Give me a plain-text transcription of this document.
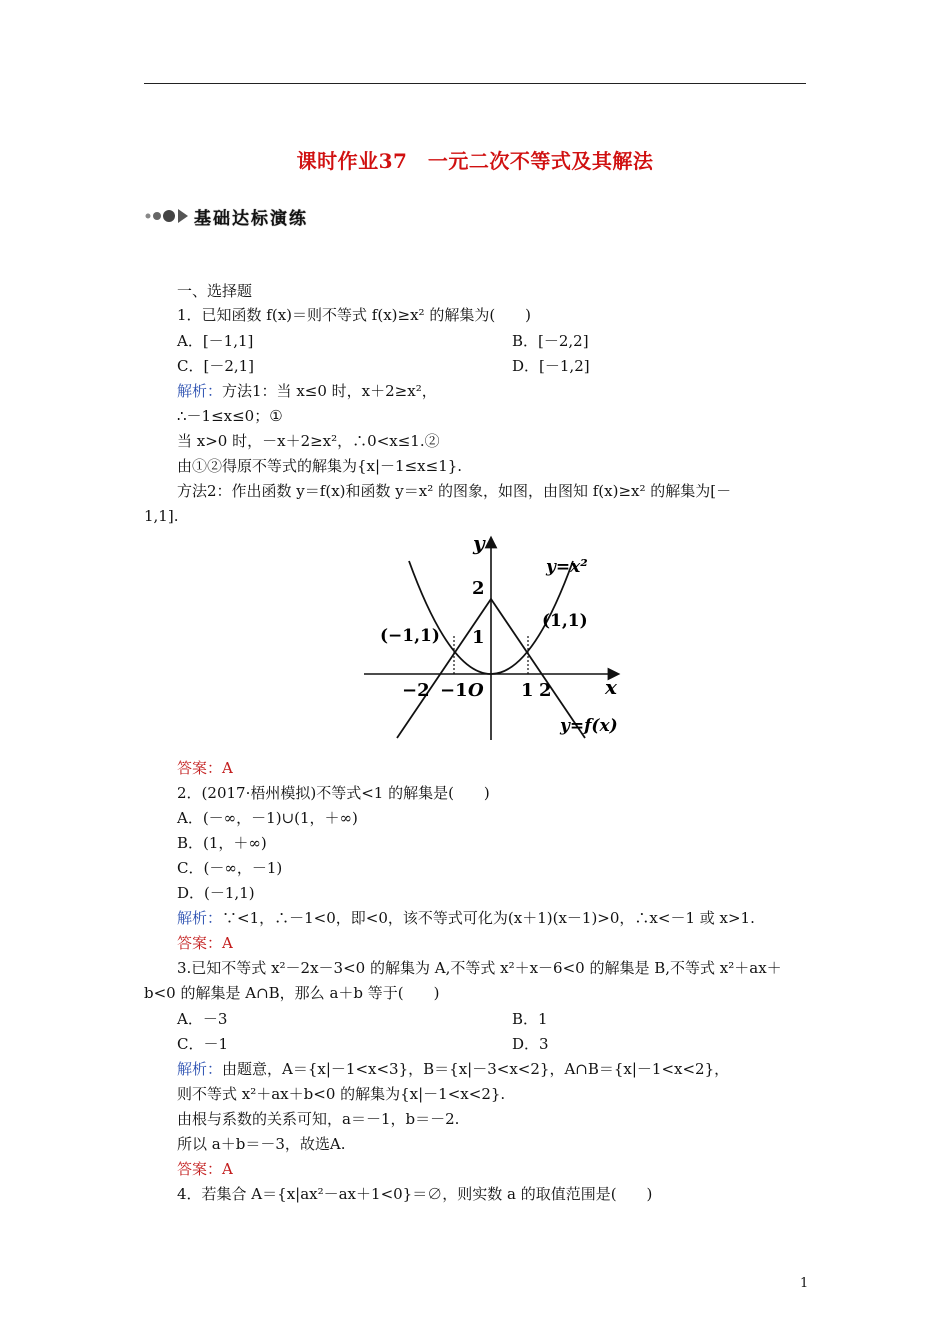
课时作业37　一元二次不等式及其解法
基础达标演练
一、选择题
1．已知函数 f(x)＝则不等式 f(x)≥x² 的解集为(　　)
A．[－1,1]	B．[－2,2]
C．[－2,1]	D．[－1,2]
解析：方法1：当 x≤0 时，x＋2≥x²，
∴－1≤x≤0；①
当 x>0 时，－x＋2≥x²，∴0<x≤1.②
由①②得原不等式的解集为{x|－1≤x≤1}.
方法2：作出函数 y＝f(x)和函数 y＝x² 的图象，如图，由图知 f(x)≥x² 的解集为[－
1,1].
y
x
y=x²
y=f(x)
(−1,1)
(1,1)
2
1
−2 −1 O 1 2
答案：A
2．(2017·梧州模拟)不等式<1 的解集是(　　)
A．(－∞，－1)∪(1，＋∞)
B．(1，＋∞)
C．(－∞，－1)
D．(－1,1)
解析：∵<1，∴－1<0，即<0，该不等式可化为(x＋1)(x－1)>0，∴x<－1 或 x>1.
答案：A
3.已知不等式 x²－2x－3<0 的解集为 A,不等式 x²＋x－6<0 的解集是 B,不等式 x²＋ax＋
b<0 的解集是 A∩B，那么 a＋b 等于(　　)
A．－3	B．1
C．－1	D．3
解析：由题意，A＝{x|－1<x<3}，B＝{x|－3<x<2}，A∩B＝{x|－1<x<2}，
则不等式 x²＋ax＋b<0 的解集为{x|－1<x<2}.
由根与系数的关系可知，a＝－1，b＝－2.
所以 a＋b＝－3，故选A.
答案：A
4．若集合 A＝{x|ax²－ax＋1<0}＝∅，则实数 a 的取值范围是(　　)
1
